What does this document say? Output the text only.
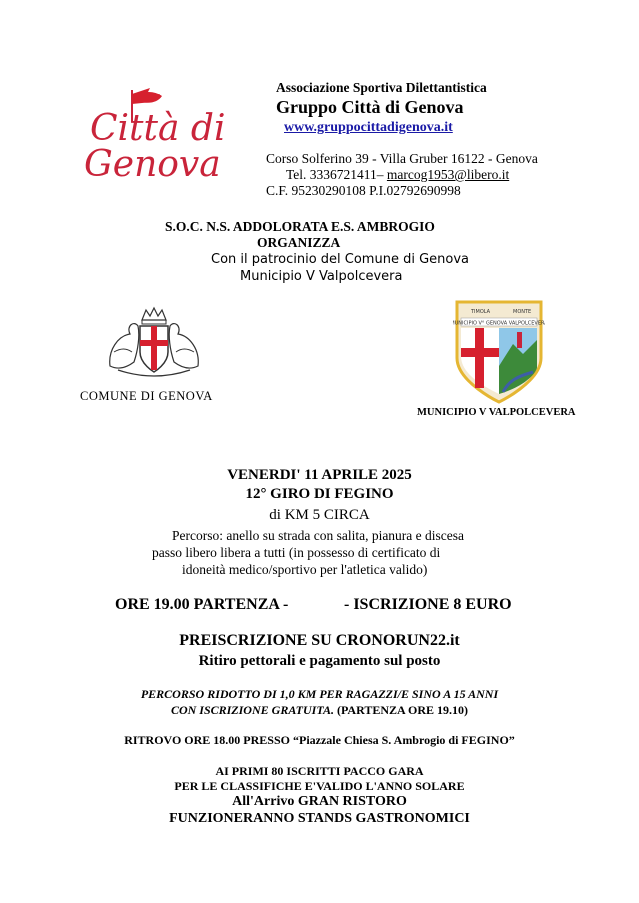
Città di
Genova
Associazione Sportiva Dilettantistica
Gruppo Città di Genova
www.gruppocittadigenova.it
Corso Solferino 39 - Villa Gruber 16122 - Genova
Tel. 3336721411– marcog1953@libero.it
C.F. 95230290108 P.I.02792690998
S.O.C. N.S. ADDOLORATA E.S. AMBROGIO
ORGANIZZA
Con il patrocinio del Comune di Genova
Municipio V Valpolcevera
COMUNE DI GENOVA
MUNICIPIO V° GENOVA VALPOLCEVERA
TIMOLA	MONTE
MUNICIPIO V VALPOLCEVERA
VENERDI' 11 APRILE 2025
12° GIRO DI FEGINO
di KM 5 CIRCA
Percorso: anello su strada con salita, pianura e discesa
passo libero libera a tutti (in possesso di certificato di
idoneità medico/sportivo per l'atletica valido)
ORE 19.00 PARTENZA -	- ISCRIZIONE 8 EURO
PREISCRIZIONE SU CRONORUN22.it
Ritiro pettorali e pagamento sul posto
PERCORSO RIDOTTO DI 1,0 KM PER RAGAZZI/E SINO A 15 ANNI
CON ISCRIZIONE GRATUITA. (PARTENZA ORE 19.10)
RITROVO ORE 18.00 PRESSO “Piazzale Chiesa S. Ambrogio di FEGINO”
AI PRIMI 80 ISCRITTI PACCO GARA
PER LE CLASSIFICHE E'VALIDO L'ANNO SOLARE
All'Arrivo GRAN RISTORO
FUNZIONERANNO STANDS GASTRONOMICI
